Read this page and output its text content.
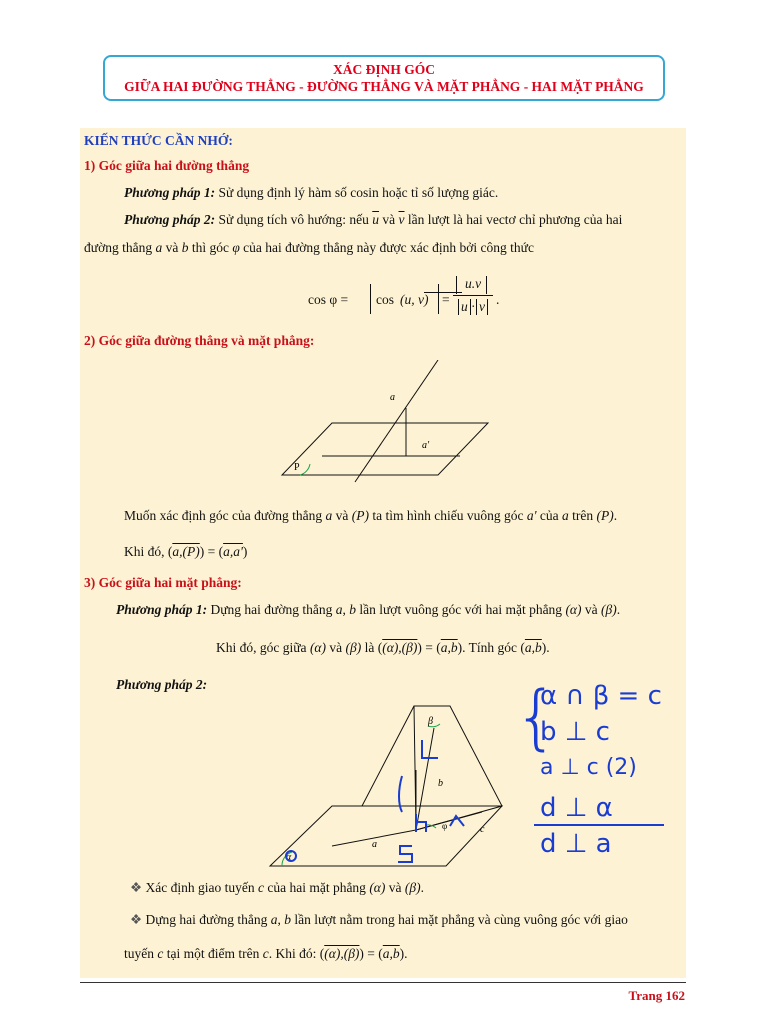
XÁC ĐỊNH GÓC
GIỮA HAI ĐƯỜNG THẲNG - ĐƯỜNG THẲNG VÀ MẶT PHẲNG - HAI MẶT PHẲNG
KIẾN THỨC CẦN NHỚ:
1) Góc giữa hai đường thẳng
Phương pháp 1: Sử dụng định lý hàm số cosin hoặc tỉ số lượng giác.
Phương pháp 2: Sử dụng tích vô hướng: nếu $\overline{u}$ và $\overline{v}$ lần lượt là hai vectơ chỉ phương của hai
đường thẳng a và b thì góc φ của hai đường thẳng này được xác định bởi công thức
cos φ = cos (u, v) =
u.v
u · v .
2) Góc giữa đường thẳng và mặt phẳng:
a
a'
P
Muốn xác định góc của đường thẳng a và (P) ta tìm hình chiếu vuông góc a' của a trên (P).
Khi đó, (a,(P)) = (a,a')
3) Góc giữa hai mặt phẳng:
Phương pháp 1: Dựng hai đường thẳng a, b lần lượt vuông góc với hai mặt phẳng (α) và (β).
Khi đó, góc giữa (α) và (β) là ((α),(β)) = (a,b). Tính góc (a,b).
Phương pháp 2:
β
b
φ	c
a
α
{
α ∩ β = c
b ⊥ c
a ⊥ c (2)
d ⊥ α
d ⊥ a
❖ Xác định giao tuyến c của hai mặt phẳng (α) và (β).
❖ Dựng hai đường thẳng a, b lần lượt nằm trong hai mặt phẳng và cùng vuông góc với giao
tuyến c tại một điểm trên c. Khi đó: ((α),(β)) = (a,b).
Trang 162
